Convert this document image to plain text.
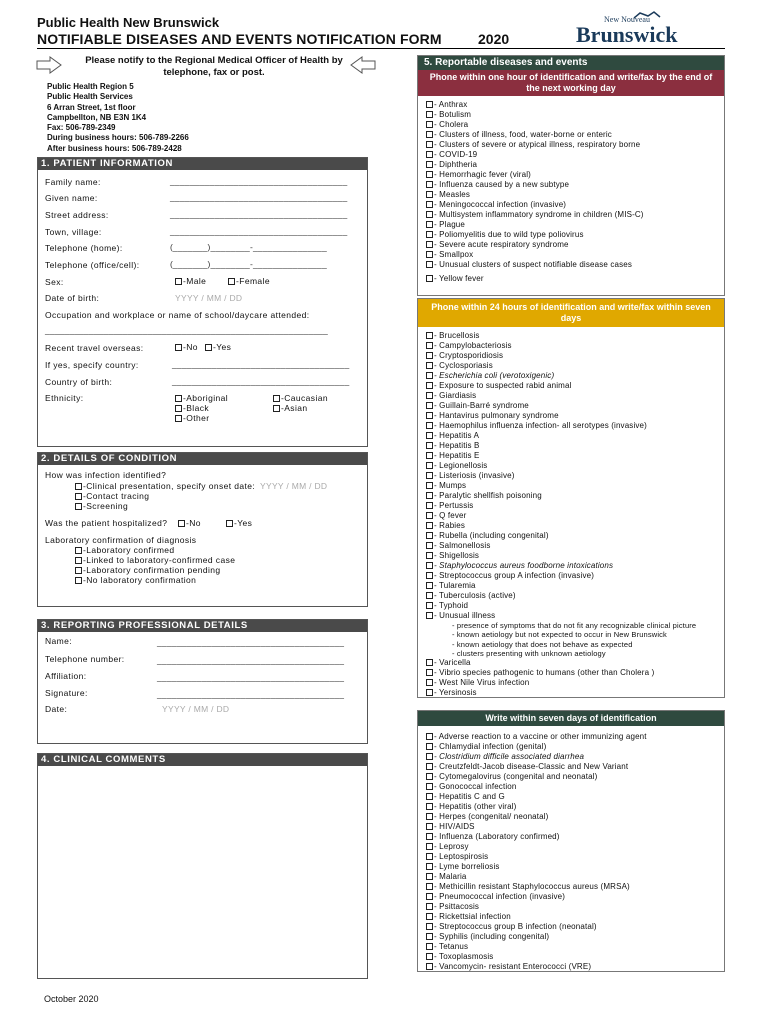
Public Health New Brunswick
NOTIFIABLE DISEASES AND EVENTS NOTIFICATION FORM	2020
New Nouveau
Brunswick
Please notify to the Regional Medical Officer of Health by telephone, fax or post.
Public Health Region 5
Public Health Services
6 Arran Street, 1st floor
Campbellton, NB E3N 1K4
Fax: 506-789-2349
During business hours: 506-789-2266
After business hours: 506-789-2428
1. PATIENT INFORMATION
Family name:	____________________________________
Given name:	____________________________________
Street address:	____________________________________
Town, village:	____________________________________
Telephone (home):	(_______)________-_______________
Telephone (office/cell):	(_______)________-_______________
Sex:	-Male	-Female
Date of birth:	YYYY / MM / DD
Occupation and workplace or name of school/daycare attended:
__________________________________________________________
Recent travel overseas:	-No	-Yes
If yes, specify country:	____________________________________
Country of birth:	____________________________________
Ethnicity:	-Aboriginal
-Black
-Other
-Caucasian
-Asian
2. DETAILS OF CONDITION
How was infection identified?
-Clinical presentation, specify onset date: YYYY / MM / DD
-Contact tracing
-Screening
Was the patient hospitalized?	-No	-Yes
Laboratory confirmation of diagnosis
-Laboratory confirmed
-Linked to laboratory-confirmed case
-Laboratory confirmation pending
-No laboratory confirmation
3. REPORTING PROFESSIONAL DETAILS
Name:	______________________________________
Telephone number:	______________________________________
Affiliation:	______________________________________
Signature:	______________________________________
Date:	YYYY / MM / DD
4. CLINICAL COMMENTS
5. Reportable diseases and events
Phone within one hour of identification and write/fax by the end of the next working day
- Anthrax
- Botulism
- Cholera
- Clusters of illness, food, water-borne or enteric
- Clusters of severe or atypical illness, respiratory borne
- COVID-19
- Diphtheria
- Hemorrhagic fever (viral)
- Influenza caused by a new subtype
- Measles
- Meningococcal infection (invasive)
- Multisystem inflammatory syndrome in children (MIS-C)
- Plague
- Poliomyelitis due to wild type poliovirus
- Severe acute respiratory syndrome
- Smallpox
- Unusual clusters of suspect notifiable disease cases
- Yellow fever
Phone within 24 hours of identification and write/fax within seven days
- Brucellosis
- Campylobacteriosis
- Cryptosporidiosis
- Cyclosporiasis
- Escherichia coli (verotoxigenic)
- Exposure to suspected rabid animal
- Giardiasis
- Guillain-Barré syndrome
- Hantavirus pulmonary syndrome
- Haemophilus influenza infection- all serotypes (invasive)
- Hepatitis A
- Hepatitis B
- Hepatitis E
- Legionellosis
- Listeriosis (invasive)
- Mumps
- Paralytic shellfish poisoning
- Pertussis
- Q fever
- Rabies
- Rubella (including congenital)
- Salmonellosis
- Shigellosis
- Staphylococcus aureus foodborne intoxications
- Streptococcus group A infection (invasive)
- Tularemia
- Tuberculosis (active)
- Typhoid
- Unusual illness
- presence of symptoms that do not fit any recognizable clinical picture
- known aetiology but not expected to occur in New Brunswick
- known aetiology that does not behave as expected
- clusters presenting with unknown aetiology
- Varicella
- Vibrio species pathogenic to humans (other than Cholera )
- West Nile Virus infection
- Yersinosis
Write within seven days of identification
- Adverse reaction to a vaccine or other immunizing agent
- Chlamydial infection (genital)
- Clostridium difficile associated diarrhea
- Creutzfeldt-Jacob disease-Classic and New Variant
- Cytomegalovirus (congenital and neonatal)
- Gonococcal infection
- Hepatitis C and G
- Hepatitis (other viral)
- Herpes (congenital/ neonatal)
- HIV/AIDS
- Influenza (Laboratory confirmed)
- Leprosy
- Leptospirosis
- Lyme borreliosis
- Malaria
- Methicillin resistant Staphylococcus aureus (MRSA)
- Pneumococcal infection (invasive)
- Psittacosis
- Rickettsial infection
- Streptococcus group B infection (neonatal)
- Syphilis (including congenital)
- Tetanus
- Toxoplasmosis
- Vancomycin- resistant Enterococci (VRE)
October 2020
